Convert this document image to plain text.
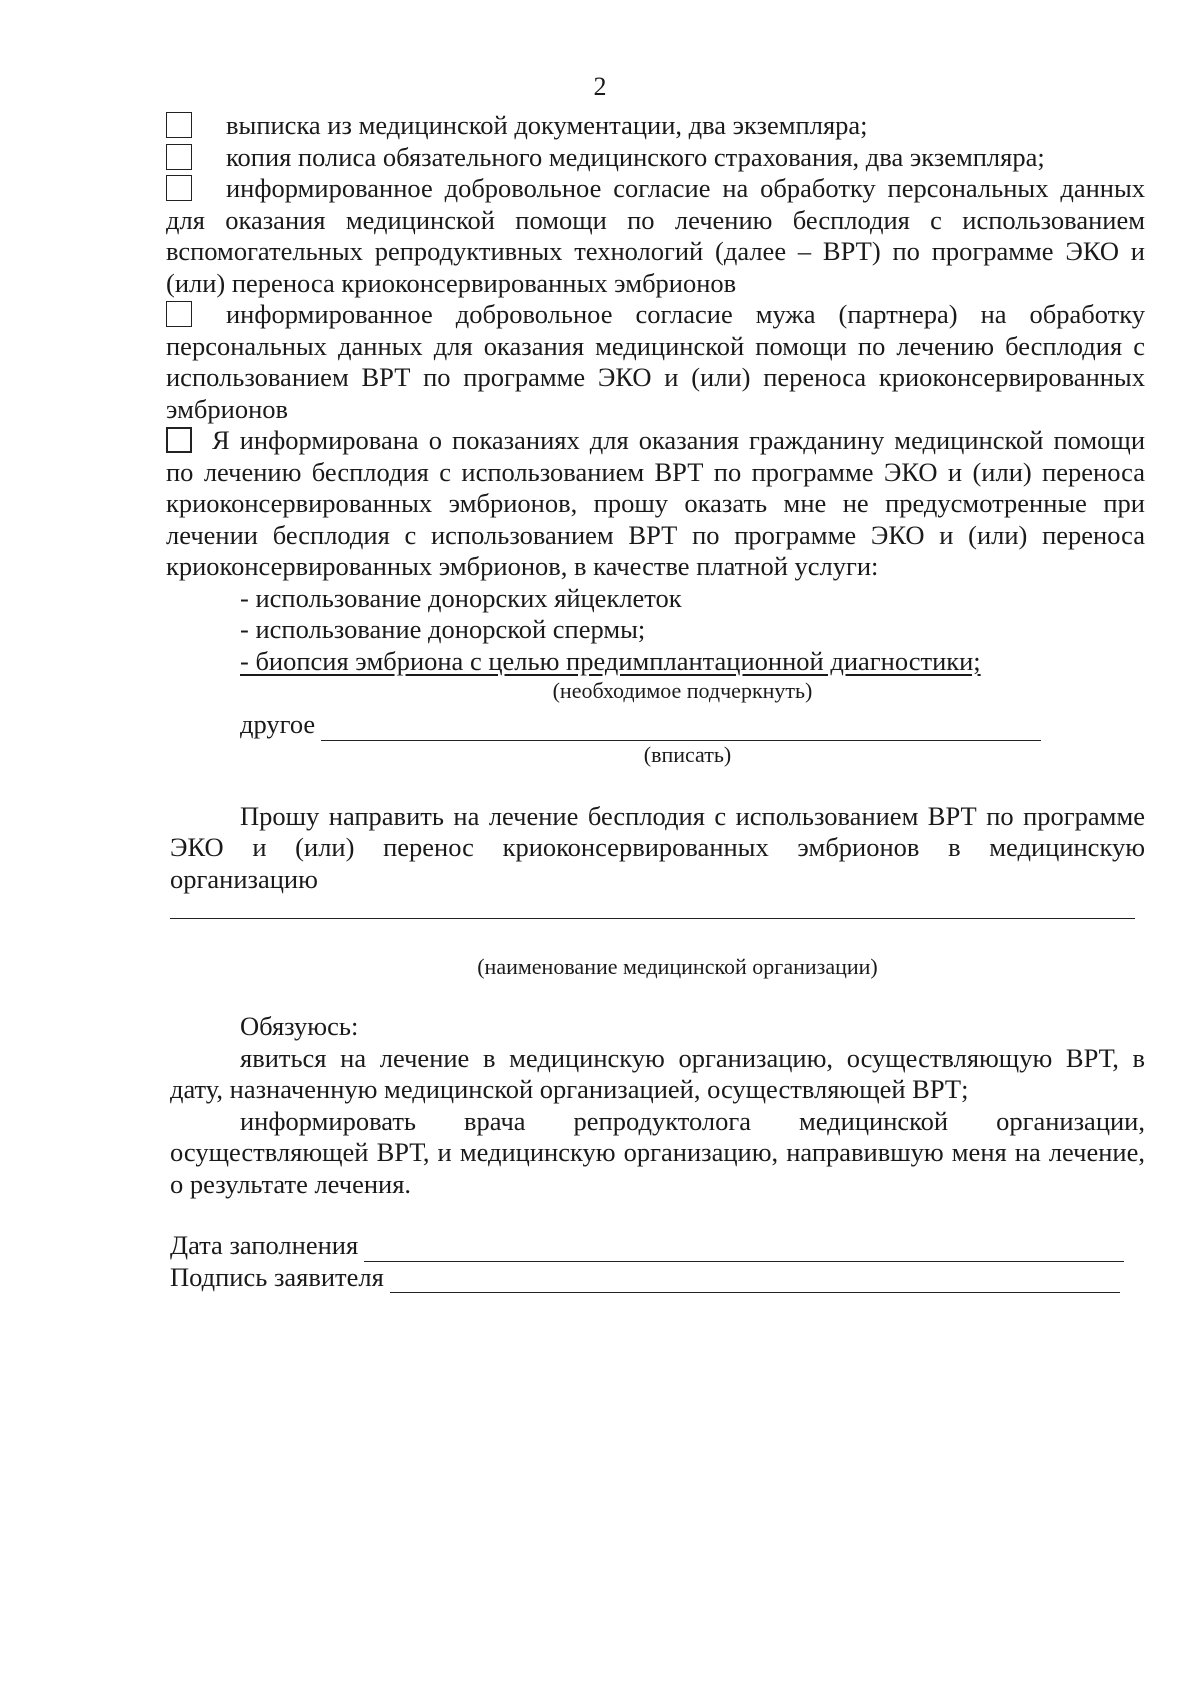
2

выписка из медицинской документации, два экземпляра;

копия полиса обязательного медицинского страхования, два экземпляра;

информированное добровольное согласие на обработку персональных данных для оказания медицинской помощи по лечению бесплодия с использованием вспомогательных репродуктивных технологий (далее – ВРТ) по программе ЭКО и (или) переноса криоконсервированных эмбрионов

информированное добровольное согласие мужа (партнера) на обработку персональных данных для оказания медицинской помощи по лечению бесплодия с использованием ВРТ по программе ЭКО и (или) переноса криоконсервированных эмбрионов

Я информирована о показаниях для оказания гражданину медицинской помощи по лечению бесплодия с использованием ВРТ по программе ЭКО и (или) переноса криоконсервированных эмбрионов, прошу оказать мне не предусмотренные при лечении бесплодия с использованием ВРТ по программе ЭКО и (или) переноса криоконсервированных эмбрионов, в качестве платной услуги:

- использование донорских яйцеклеток

- использование донорской спермы;

- биопсия эмбриона с целью предимплантационной диагностики;

(необходимое подчеркнуть)
другое
(вписать)

Прошу направить на лечение бесплодия с использованием ВРТ по программе ЭКО и (или) перенос криоконсервированных эмбрионов в медицинскую организацию

(наименование медицинской организации)

Обязуюсь:

явиться на лечение в медицинскую организацию, осуществляющую ВРТ, в дату, назначенную медицинской организацией, осуществляющей ВРТ;

информировать врача репродуктолога медицинской организации, осуществляющей ВРТ, и медицинскую организацию, направившую меня на лечение, о результате лечения.

Дата заполнения
Подпись заявителя
